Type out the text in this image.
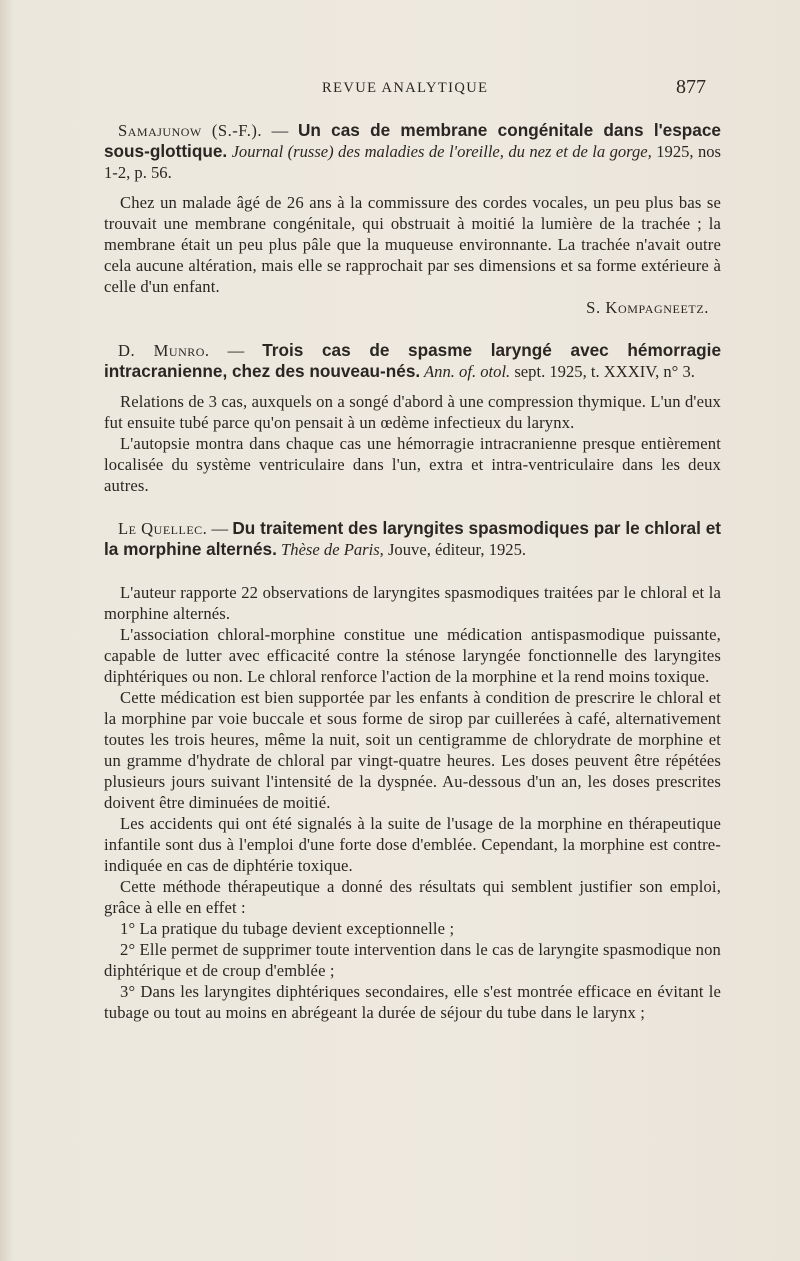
REVUE ANALYTIQUE	877

Samajunow (S.-F.). — Un cas de membrane congénitale dans l'espace sous-glottique. Journal (russe) des maladies de l'oreille, du nez et de la gorge, 1925, nos 1-2, p. 56.

Chez un malade âgé de 26 ans à la commissure des cordes vocales, un peu plus bas se trouvait une membrane congénitale, qui obstruait à moitié la lumière de la trachée ; la membrane était un peu plus pâle que la muqueuse environnante. La trachée n'avait outre cela aucune altération, mais elle se rapprochait par ses dimensions et sa forme extérieure à celle d'un enfant.

S. Kompagneetz.

D. Munro. — Trois cas de spasme laryngé avec hémorragie intracranienne, chez des nouveau-nés. Ann. of. otol. sept. 1925, t. XXXIV, n° 3.

Relations de 3 cas, auxquels on a songé d'abord à une compression thymique. L'un d'eux fut ensuite tubé parce qu'on pensait à un œdème infectieux du larynx.

L'autopsie montra dans chaque cas une hémorragie intracranienne presque entièrement localisée du système ventriculaire dans l'un, extra et intra-ventriculaire dans les deux autres.

Le Quellec. — Du traitement des laryngites spasmodiques par le chloral et la morphine alternés. Thèse de Paris, Jouve, éditeur, 1925.

L'auteur rapporte 22 observations de laryngites spasmodiques traitées par le chloral et la morphine alternés.

L'association chloral-morphine constitue une médication antispasmodique puissante, capable de lutter avec efficacité contre la sténose laryngée fonctionnelle des laryngites diphtériques ou non. Le chloral renforce l'action de la morphine et la rend moins toxique.

Cette médication est bien supportée par les enfants à condition de prescrire le chloral et la morphine par voie buccale et sous forme de sirop par cuillerées à café, alternativement toutes les trois heures, même la nuit, soit un centigramme de chlorydrate de morphine et un gramme d'hydrate de chloral par vingt-quatre heures. Les doses peuvent être répétées plusieurs jours suivant l'intensité de la dyspnée. Au-dessous d'un an, les doses prescrites doivent être diminuées de moitié.

Les accidents qui ont été signalés à la suite de l'usage de la morphine en thérapeutique infantile sont dus à l'emploi d'une forte dose d'emblée. Cependant, la morphine est contre-indiquée en cas de diphtérie toxique.

Cette méthode thérapeutique a donné des résultats qui semblent justifier son emploi, grâce à elle en effet :

1° La pratique du tubage devient exceptionnelle ;

2° Elle permet de supprimer toute intervention dans le cas de laryngite spasmodique non diphtérique et de croup d'emblée ;

3° Dans les laryngites diphtériques secondaires, elle s'est montrée efficace en évitant le tubage ou tout au moins en abrégeant la durée de séjour du tube dans le larynx ;
